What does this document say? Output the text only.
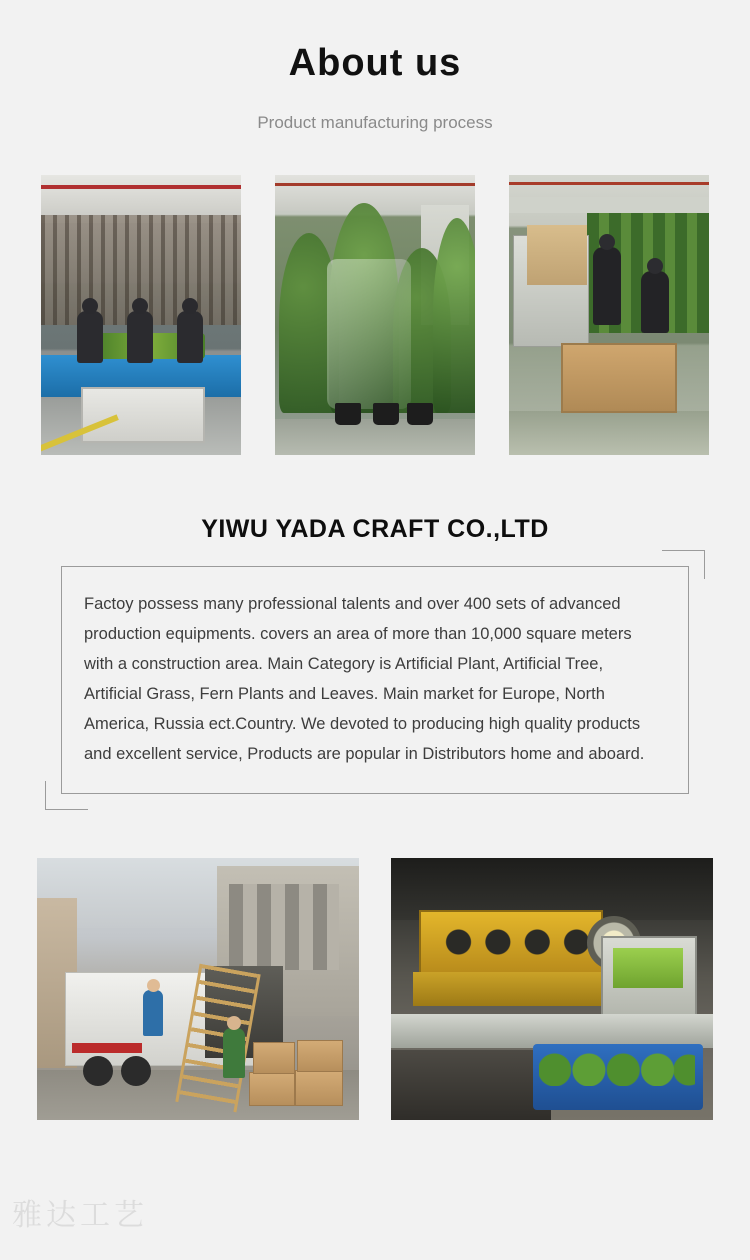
About us
Product manufacturing process
YIWU YADA CRAFT CO.,LTD

Factoy possess many professional talents and over 400 sets of advanced production equipments. covers an area of more than 10,000 square meters with a construction area. Main Category is Artificial Plant, Artificial Tree, Artificial Grass, Fern Plants and Leaves. Main market for Europe, North America, Russia ect.Country. We devoted to producing high quality products and excellent service, Products are popular in Distributors home and aboard.

雅达工艺
